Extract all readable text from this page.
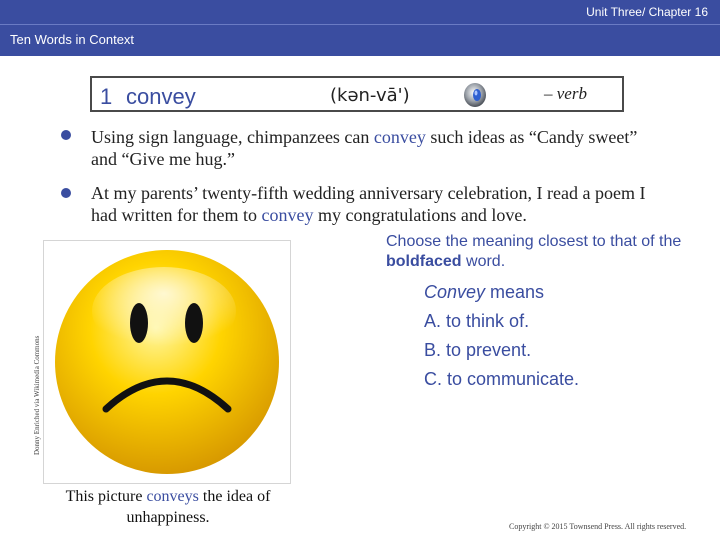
Unit Three/ Chapter 16
Ten Words in Context
1 convey	(kən-vā')	– verb
Using sign language, chimpanzees can convey such ideas as “Candy sweet” and “Give me hug.”
At my parents’ twenty-fifth wedding anniversary celebration, I read a poem I had written for them to convey my congratulations and love.
Donny Enriched via Wikimedia Commons
This picture conveys the idea of unhappiness.
Choose the meaning closest to that of the boldfaced word.
Convey means
A. to think of.
B. to prevent.
C. to communicate.
Copyright © 2015 Townsend Press. All rights reserved.
